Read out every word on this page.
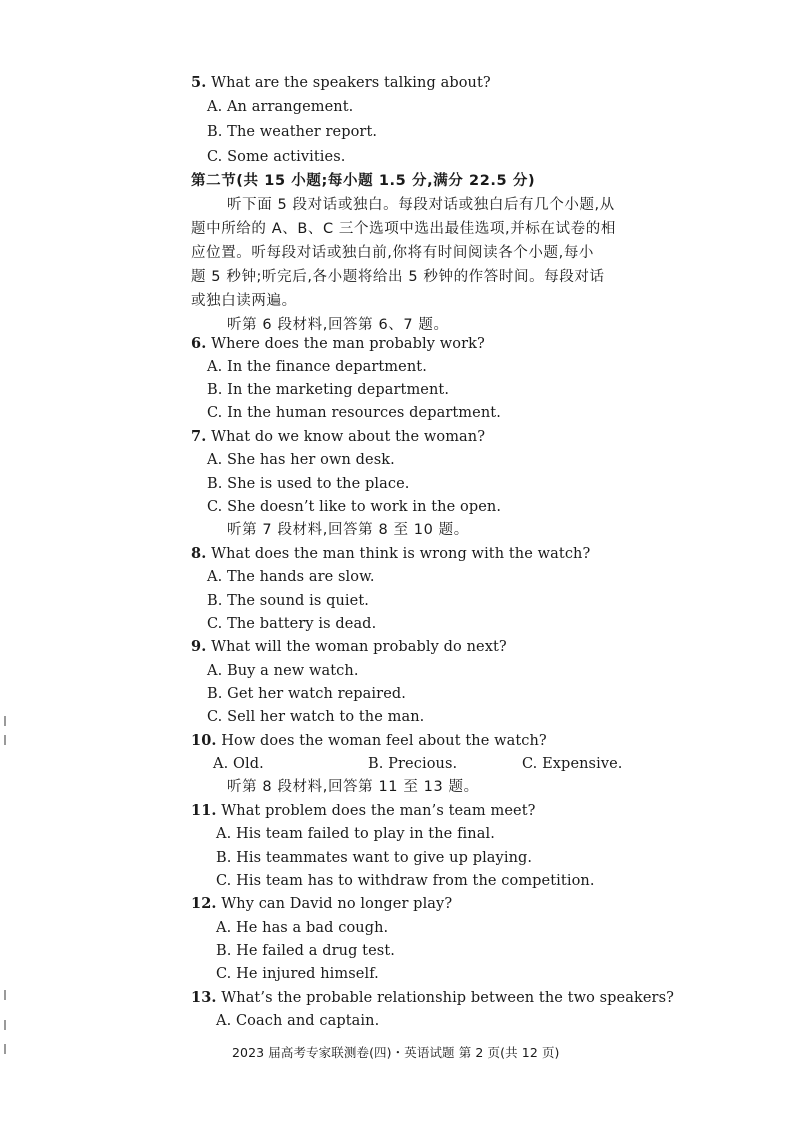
5. What are the speakers talking about?
A. An arrangement.
B. The weather report.
C. Some activities.
第二节(共 15 小题;每小题 1.5 分,满分 22.5 分)
听下面 5 段对话或独白。每段对话或独白后有几个小题,从
题中所给的 A、B、C 三个选项中选出最佳选项,并标在试卷的相
应位置。听每段对话或独白前,你将有时间阅读各个小题,每小
题 5 秒钟;听完后,各小题将给出 5 秒钟的作答时间。每段对话
或独白读两遍。
听第 6 段材料,回答第 6、7 题。
6. Where does the man probably work?
A. In the finance department.
B. In the marketing department.
C. In the human resources department.
7. What do we know about the woman?
A. She has her own desk.
B. She is used to the place.
C. She doesn’t like to work in the open.
听第 7 段材料,回答第 8 至 10 题。
8. What does the man think is wrong with the watch?
A. The hands are slow.
B. The sound is quiet.
C. The battery is dead.
9. What will the woman probably do next?
A. Buy a new watch.
B. Get her watch repaired.
C. Sell her watch to the man.
10. How does the woman feel about the watch?
A. Old.	B. Precious.	C. Expensive.
听第 8 段材料,回答第 11 至 13 题。
11. What problem does the man’s team meet?
A. His team failed to play in the final.
B. His teammates want to give up playing.
C. His team has to withdraw from the competition.
12. Why can David no longer play?
A. He has a bad cough.
B. He failed a drug test.
C. He injured himself.
13. What’s the probable relationship between the two speakers?
A. Coach and captain.
2023 届高考专家联测卷(四)・英语试题 第 2 页(共 12 页)
